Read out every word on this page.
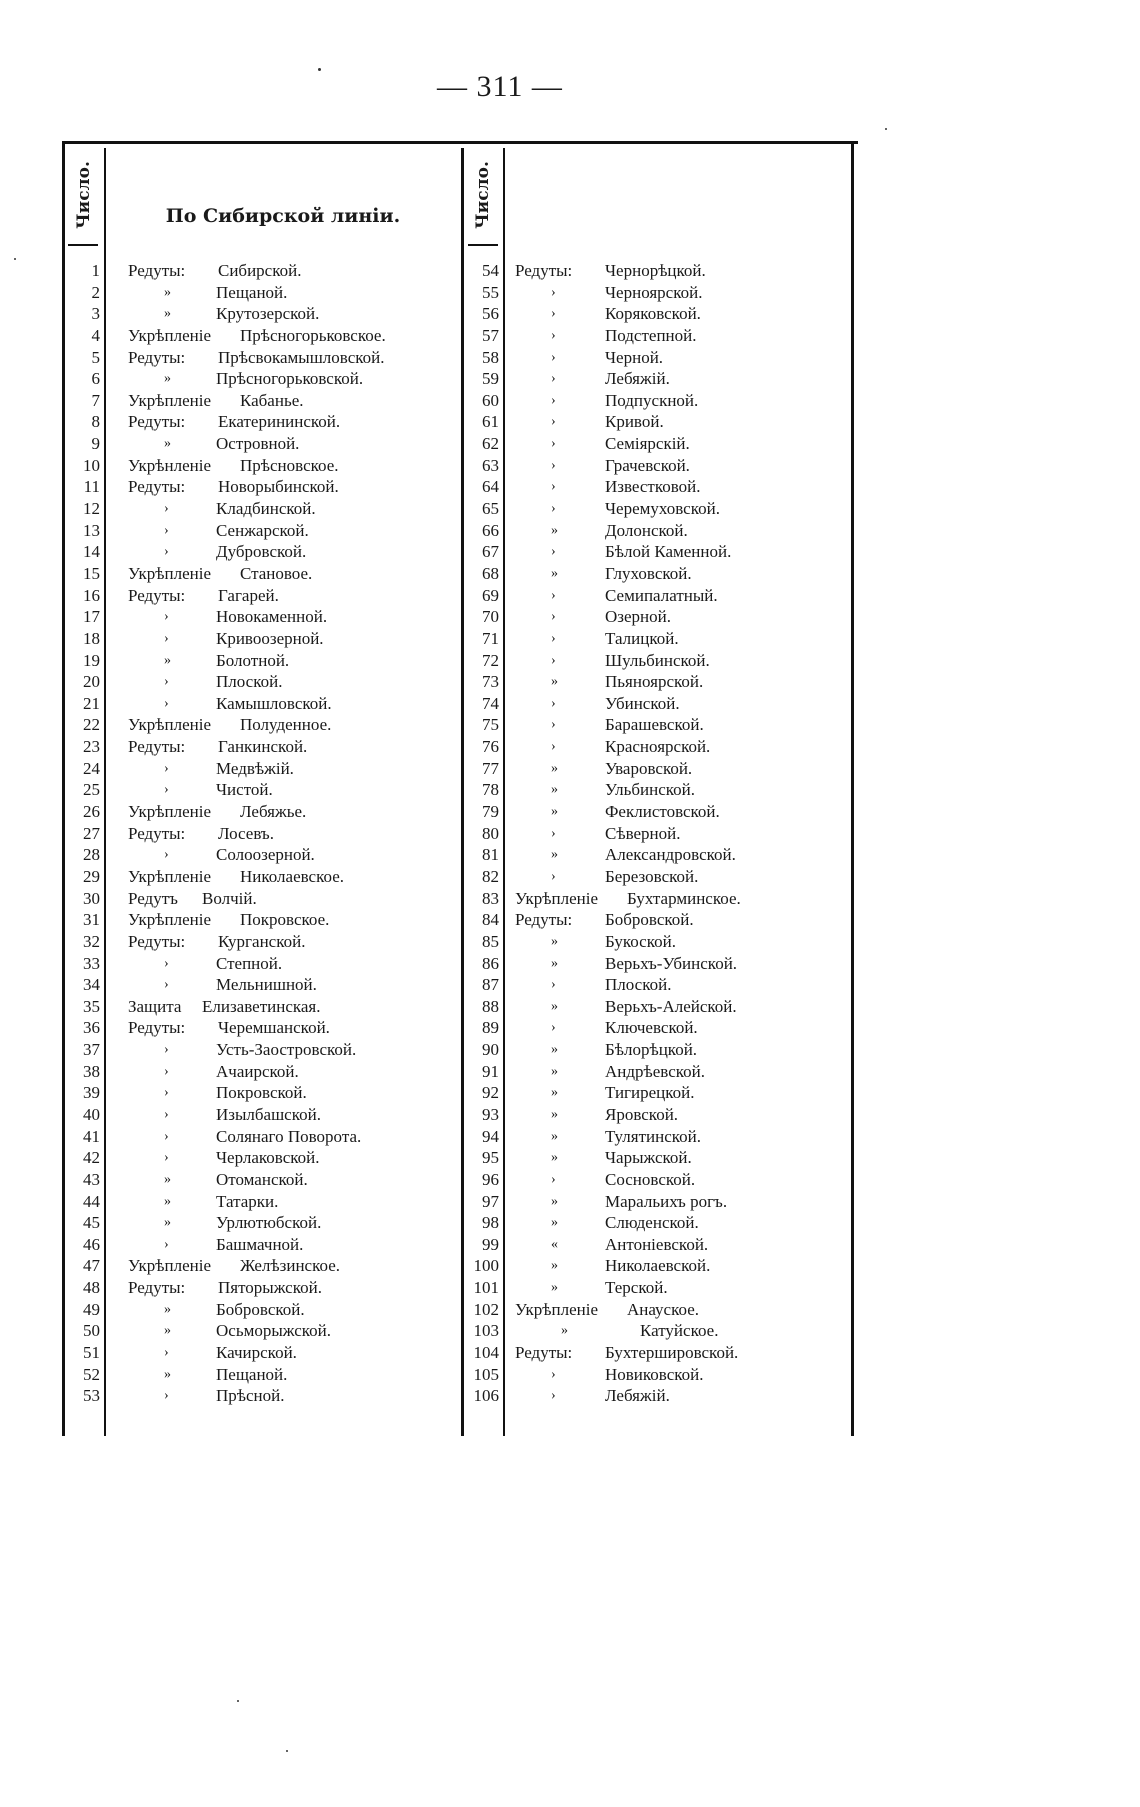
— 311 —
Число.	Число.
По Сибирской линіи.
1 Редуты: Сибирской.
2	»	Пещаной.
3	»	Крутозерской.
4 Укрѣпленіе Прѣсногорьковское.
5 Редуты: Прѣсвокамышловской.
6	»	Прѣсногорьковской.
7 Укрѣпленіе Кабанье.
8 Редуты: Екатерининской.
9	»	Островной.
10 Укрѣнленіе Прѣсновское.
11 Редуты: Новорыбинской.
12	›	Кладбинской.
13	›	Сенжарской.
14	›	Дубровской.
15 Укрѣпленіе Становое.
16 Редуты: Гагарей.
17	›	Новокаменной.
18	›	Кривоозерной.
19	»	Болотной.
20	›	Плоской.
21	›	Камышловской.
22 Укрѣпленіе Полуденное.
23 Редуты: Ганкинской.
24	›	Медвѣжій.
25	›	Чистой.
26 Укрѣпленіе Лебяжье.
27 Редуты: Лосевъ.
28	›	Солоозерной.
29 Укрѣпленіе Николаевское.
30 Редутъ Волчій.
31 Укрѣпленіе Покровское.
32 Редуты: Курганской.
33	›	Степной.
34	›	Мельнишной.
35 Защита Елизаветинская.
36 Редуты: Черемшанской.
37	›	Усть-Заостровской.
38	›	Ачаирской.
39	›	Покровской.
40	›	Изылбашской.
41	›	Солянаго Поворота.
42	›	Черлаковской.
43	»	Отоманской.
44	»	Татарки.
45	»	Урлютюбской.
46	›	Башмачной.
47 Укрѣпленіе Желѣзинское.
48 Редуты: Пяторыжской.
49	»	Бобровской.
50	»	Осьморыжской.
51	›	Качирской.
52	»	Пещаной.
53	›	Прѣсной.
54 Редуты: Чернорѣцкой.
55	›	Черноярской.
56	›	Коряковской.
57	›	Подстепной.
58	›	Черной.
59	›	Лебяжій.
60	›	Подпускной.
61	›	Кривой.
62	›	Семіярскій.
63	›	Грачевской.
64	›	Известковой.
65	›	Черемуховской.
66	»	Долонской.
67	›	Бѣлой Каменной.
68	»	Глуховской.
69	›	Семипалатный.
70	›	Озерной.
71	›	Талицкой.
72	›	Шульбинской.
73	»	Пьяноярской.
74	›	Убинской.
75	›	Барашевской.
76	›	Красноярской.
77	»	Уваровской.
78	»	Ульбинской.
79	»	Феклистовской.
80	›	Сѣверной.
81	»	Александровской.
82	›	Березовской.
83 Укрѣпленіе Бухтарминское.
84 Редуты: Бобровской.
85	»	Букоской.
86	»	Верьхъ-Убинской.
87	›	Плоской.
88	»	Верьхъ-Алейской.
89	›	Ключевской.
90	»	Бѣлорѣцкой.
91	»	Андрѣевской.
92	»	Тигирецкой.
93	»	Яровской.
94	»	Тулятинской.
95	»	Чарыжской.
96	›	Сосновской.
97	»	Маральихъ рогъ.
98	»	Слюденской.
99	«	Антоніевской.
100	»	Николаевской.
101	»	Терской.
102 Укрѣпленіе Анауское.
103	»	Катуйское.
104 Редуты: Бухтершировской.
105	›	Новиковской.
106	›	Лебяжій.
